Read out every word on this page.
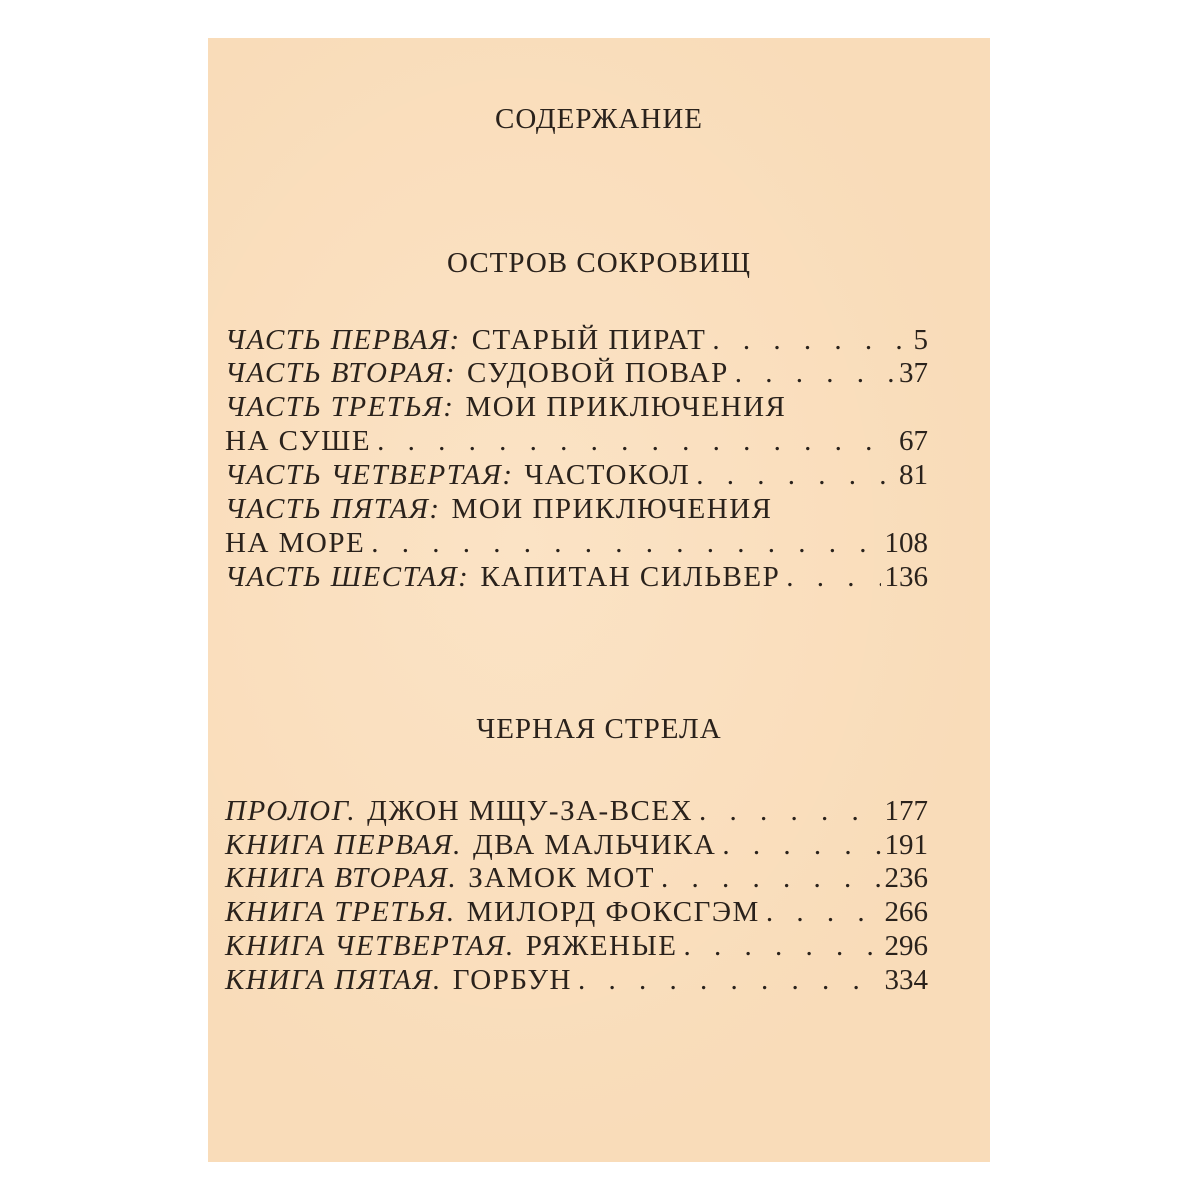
СОДЕРЖАНИЕ
ОСТРОВ СОКРОВИЩ
ЧАСТЬ ПЕРВАЯ: СТАРЫЙ ПИРАТ . . .	5
ЧАСТЬ ВТОРАЯ: СУДОВОЙ ПОВАР . . .	37
ЧАСТЬ ТРЕТЬЯ: МОИ ПРИКЛЮЧЕНИЯ
НА СУШЕ . . .	67
ЧАСТЬ ЧЕТВЕРТАЯ: ЧАСТОКОЛ . . .	81
ЧАСТЬ ПЯТАЯ: МОИ ПРИКЛЮЧЕНИЯ
НА МОРЕ . . .	108
ЧАСТЬ ШЕСТАЯ: КАПИТАН СИЛЬВЕР . . .	136
ЧЕРНАЯ СТРЕЛА
ПРОЛОГ. ДЖОН МЩУ-ЗА-ВСЕХ . . .	177
КНИГА ПЕРВАЯ. ДВА МАЛЬЧИКА . . .	191
КНИГА ВТОРАЯ. ЗАМОК МОТ . . .	236
КНИГА ТРЕТЬЯ. МИЛОРД ФОКСГЭМ . . .	266
КНИГА ЧЕТВЕРТАЯ. РЯЖЕНЫЕ . . .	296
КНИГА ПЯТАЯ. ГОРБУН . . .	334
